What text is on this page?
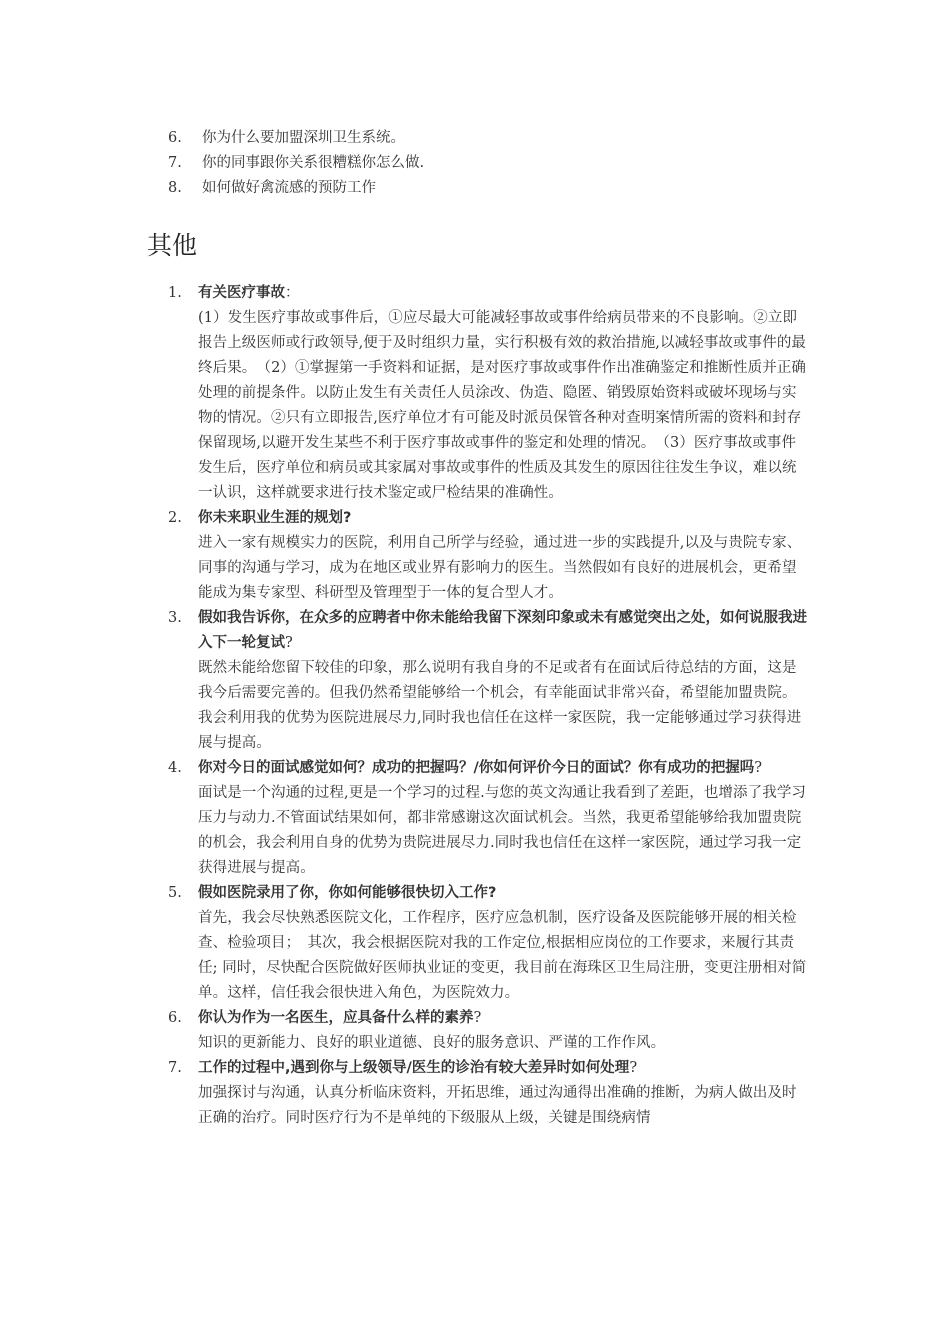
6. 你为什么要加盟深圳卫生系统。
7. 你的同事跟你关系很糟糕你怎么做.
8. 如何做好禽流感的预防工作
其他
1. 有关医疗事故：
(1）发生医疗事故或事件后，①应尽最大可能减轻事故或事件给病员带来的不良影响。②立即报告上级医师或行政领导,便于及时组织力量，实行积极有效的救治措施,以减轻事故或事件的最终后果。　（2）①掌握第一手资料和证据，是对医疗事故或事件作出准确鉴定和推断性质并正确处理的前提条件。以防止发生有关责任人员涂改、伪造、隐匿、销毁原始资料或破坏现场与实物的情况。②只有立即报告,医疗单位才有可能及时派员保管各种对查明案情所需的资料和封存保留现场,以避开发生某些不利于医疗事故或事件的鉴定和处理的情况。　（3）医疗事故或事件发生后，医疗单位和病员或其家属对事故或事件的性质及其发生的原因往往发生争议，难以统一认识，这样就要求进行技术鉴定或尸检结果的准确性。
2. 你未来职业生涯的规划?
进入一家有规模实力的医院，利用自己所学与经验，通过进一步的实践提升,以及与贵院专家、同事的沟通与学习，成为在地区或业界有影响力的医生。当然假如有良好的进展机会，更希望能成为集专家型、科研型及管理型于一体的复合型人才。
3. 假如我告诉你，在众多的应聘者中你未能给我留下深刻印象或未有感觉突出之处，如何说服我进入下一轮复试?
既然未能给您留下较佳的印象，那么说明有我自身的不足或者有在面试后待总结的方面，这是我今后需要完善的。但我仍然希望能够给一个机会，有幸能面试非常兴奋，希望能加盟贵院。我会利用我的优势为医院进展尽力,同时我也信任在这样一家医院，我一定能够通过学习获得进展与提高。
4. 你对今日的面试感觉如何？成功的把握吗？/你如何评价今日的面试？你有成功的把握吗?
面试是一个沟通的过程,更是一个学习的过程.与您的英文沟通让我看到了差距，也增添了我学习压力与动力.不管面试结果如何，都非常感谢这次面试机会。当然，我更希望能够给我加盟贵院的机会，我会利用自身的优势为贵院进展尽力.同时我也信任在这样一家医院，通过学习我一定获得进展与提高。
5. 假如医院录用了你，你如何能够很快切入工作?
首先，我会尽快熟悉医院文化，工作程序，医疗应急机制，医疗设备及医院能够开展的相关检查、检验项目；　其次，我会根据医院对我的工作定位,根据相应岗位的工作要求，来履行其责任; 同时，尽快配合医院做好医师执业证的变更，我目前在海珠区卫生局注册，变更注册相对简单。这样，信任我会很快进入角色，为医院效力。
6. 你认为作为一名医生，应具备什么样的素养?
知识的更新能力、良好的职业道德、良好的服务意识、严谨的工作作风。
7. 工作的过程中,遇到你与上级领导/医生的诊治有较大差异时如何处理?
加强探讨与沟通，认真分析临床资料，开拓思维，通过沟通得出准确的推断，为病人做出及时正确的治疗。同时医疗行为不是单纯的下级服从上级，关键是围绕病情
